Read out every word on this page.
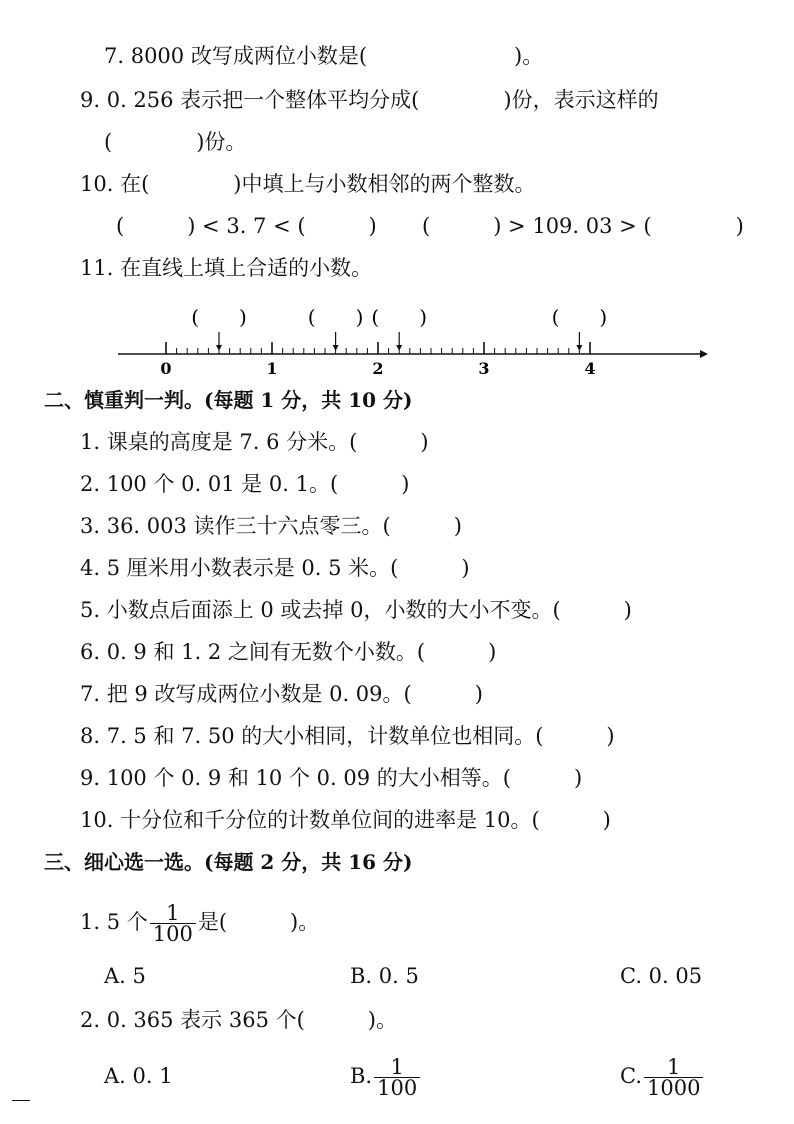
7. 8000 改写成两位小数是(　　　　　　　)。
9. 0. 256 表示把一个整体平均分成(　　　　)份，表示这样的
(　　　　)份。
10. 在(　　　　)中填上与小数相邻的两个整数。
(　　　) < 3. 7 < (　　　) (　　　) > 109. 03 > (　　　　)
11. 在直线上填上合适的小数。
(　　)	(　　) (　　)	(　　)
0	1	2	3	4
二、慎重判一判。(每题 1 分，共 10 分)
1. 课桌的高度是 7. 6 分米。(　　　)
2. 100 个 0. 01 是 0. 1。(　　　)
3. 36. 003 读作三十六点零三。(　　　)
4. 5 厘米用小数表示是 0. 5 米。(　　　)
5. 小数点后面添上 0 或去掉 0，小数的大小不变。(　　　)
6. 0. 9 和 1. 2 之间有无数个小数。(　　　)
7. 把 9 改写成两位小数是 0. 09。(　　　)
8. 7. 5 和 7. 50 的大小相同，计数单位也相同。(　　　)
9. 100 个 0. 9 和 10 个 0. 09 的大小相等。(　　　)
10. 十分位和千分位的计数单位间的进率是 10。(　　　)
三、细心选一选。(每题 2 分，共 16 分)
1. 5 个 $\frac{1}{100}$ 是(　　　)。
A. 5	B. 0. 5	C. 0. 05
2. 0. 365 表示 365 个(　　　)。
A. 0. 1	B. $\frac{1}{100}$	C. $\frac{1}{1000}$
